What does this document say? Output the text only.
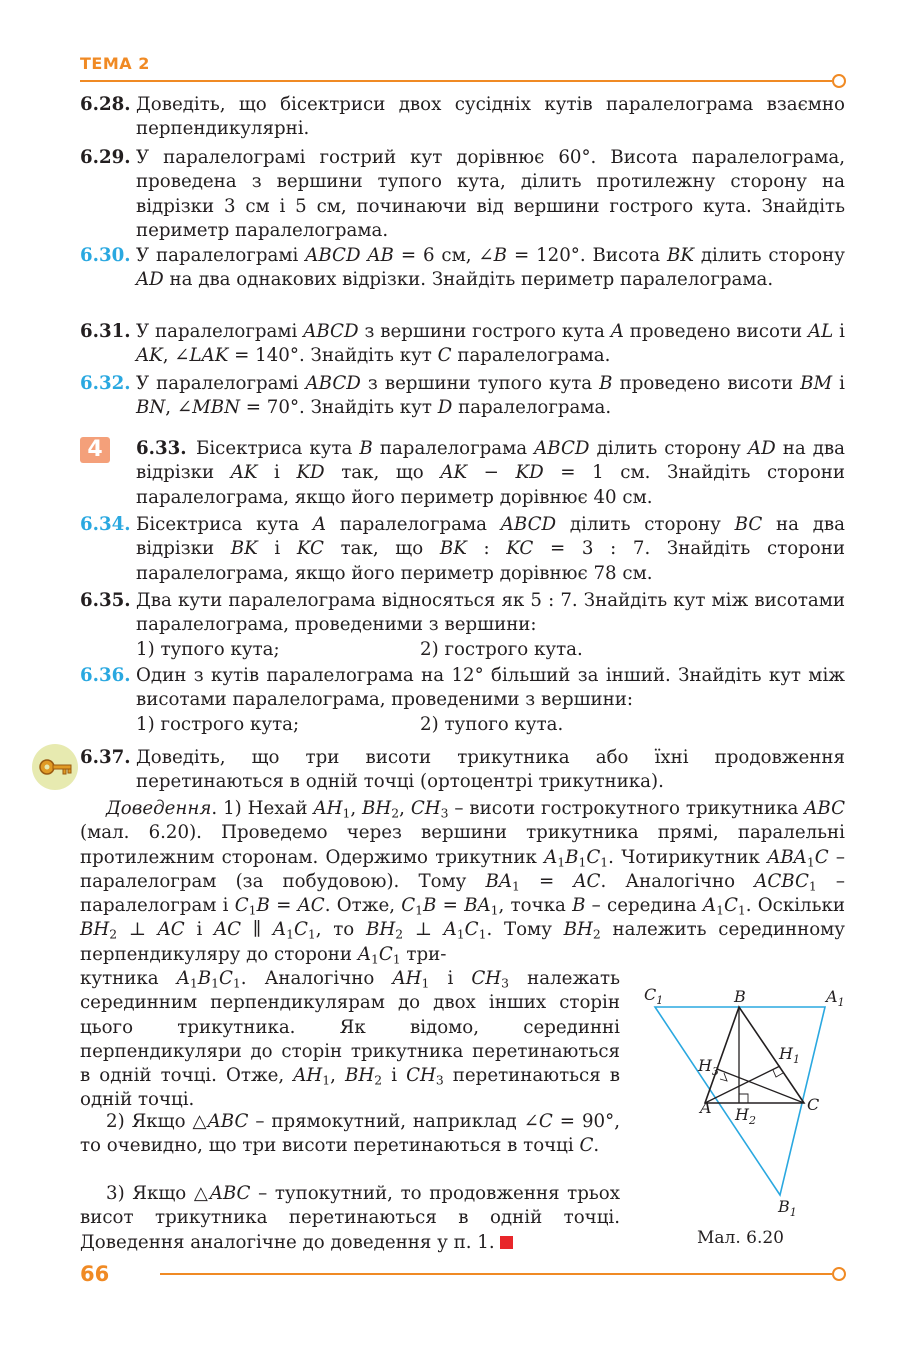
ТЕМА 2
6.28. Доведіть, що бісектриси двох сусідніх кутів паралелограма взаємно перпендикулярні.
6.29. У паралелограмі гострий кут дорівнює 60°. Висота паралелограма, проведена з вершини тупого кута, ділить протилежну сторону на відрізки 3 см і 5 см, починаючи від вершини гострого кута. Знайдіть периметр паралелограма.
6.30. У паралелограмі ABCD AB = 6 см, ∠B = 120°. Висота BK ділить сторону AD на два однакових відрізки. Знайдіть периметр паралелограма.
6.31. У паралелограмі ABCD з вершини гострого кута A проведено висоти AL і AK, ∠LAK = 140°. Знайдіть кут C паралелограма.
6.32. У паралелограмі ABCD з вершини тупого кута B проведено висоти BM і BN, ∠MBN = 70°. Знайдіть кут D паралелограма.
4	6.33. Бісектриса кута B паралелограма ABCD ділить сторону AD на два відрізки AK і KD так, що AK − KD = 1 см. Знайдіть сторони паралелограма, якщо його периметр дорівнює 40 см.
6.34. Бісектриса кута A паралелограма ABCD ділить сторону BC на два відрізки BK і KC так, що BK : KC = 3 : 7. Знайдіть сторони паралелограма, якщо його периметр дорівнює 78 см.
6.35. Два кути паралелограма відносяться як 5 : 7. Знайдіть кут між висотами паралелограма, проведеними з вершини:
1) тупого кута;	2) гострого кута.
6.36. Один з кутів паралелограма на 12° більший за інший. Знайдіть кут між висотами паралелограма, проведеними з вершини:
1) гострого кута;	2) тупого кута.
6.37. Доведіть, що три висоти трикутника або їхні продовження перетинаються в одній точці (ортоцентрі трикутника).
Доведення. 1) Нехай $AH_1$, $BH_2$, $CH_3$ – висоти гострокутного трикутника ABC (мал. 6.20). Проведемо через вершини трикутника прямі, паралельні протилежним сторонам. Одержимо трикутник $A_1B_1C_1$. Чотирикутник $ABA_1C$ – паралелограм (за побудовою). Тому $BA_1$ = AC. Аналогічно $ACBC_1$ – паралелограм і $C_1B$ = AC. Отже, $C_1B = BA_1$, точка B – середина $A_1C_1$. Оскільки $BH_2$ ⊥ AC і AC ∥ $A_1C_1$, то $BH_2$ ⊥ $A_1C_1$. Тому $BH_2$ належить серединному перпендикуляру до сторони $A_1C_1$ три-
кутника $A_1B_1C_1$. Аналогічно $AH_1$ і $CH_3$ належать серединним перпендикулярам до двох інших сторін цього трикутника. Як відомо, серединні перпендикуляри до сторін трикутника перетинаються в одній точці. Отже, $AH_1$, $BH_2$ і $CH_3$ перетинаються в одній точці.
2) Якщо △ABC – прямокутний, наприклад ∠C = 90°, то очевидно, що три висоти перетинаються в точці C.
3) Якщо △ABC – тупокутний, то продовження трьох висот трикутника перетинаються в одній точці. Доведення аналогічне до доведення у п. 1.
$C_1$	B	$A_1$
$H_1$
$H_3$
A	C
$H_2$
$B_1$
Мал. 6.20
66
